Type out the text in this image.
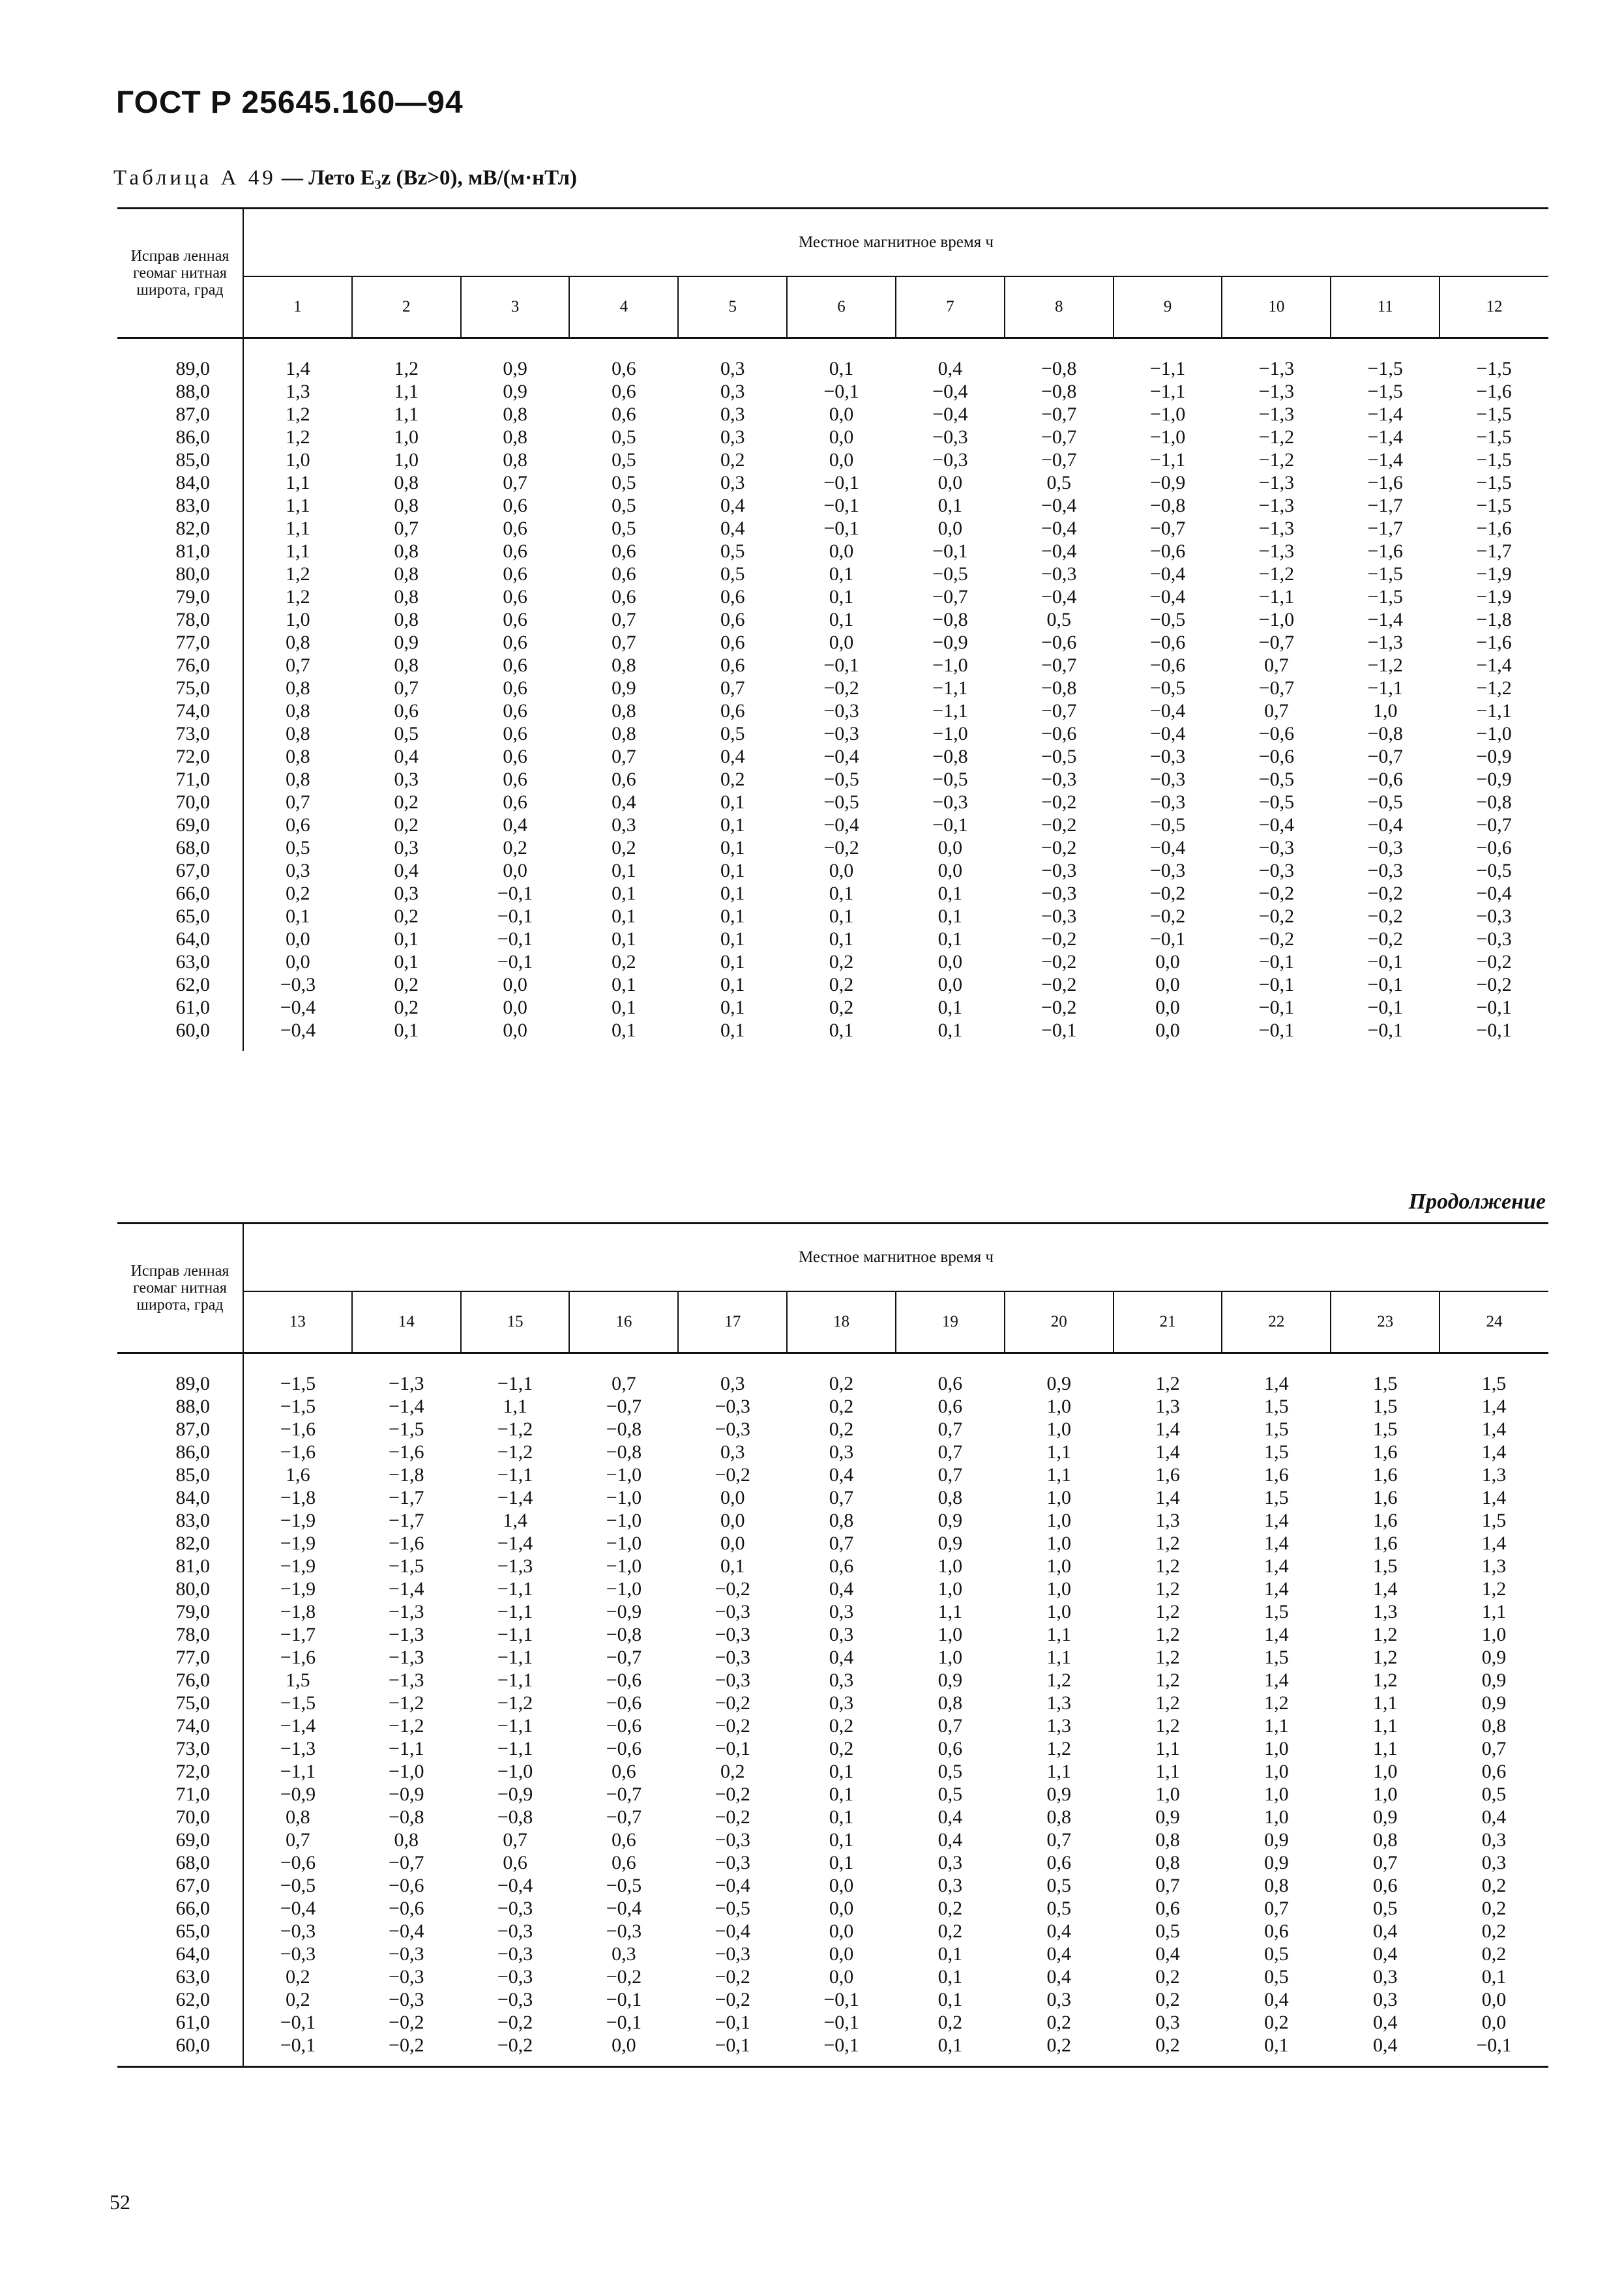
ГОСТ Р 25645.160—94
Таблица А 49 — Лето E₃ᴢ (Bᴢ>0), мВ/(м·нТл)
Исправ ленная геомаг нитная широта, град	Местное магнитное время ч											
	1	2	3	4	5	6	7	8	9	10	11	12
89,0	1,4	1,2	0,9	0,6	0,3	0,1	0,4	−0,8	−1,1	−1,3	−1,5	−1,5
88,0	1,3	1,1	0,9	0,6	0,3	−0,1	−0,4	−0,8	−1,1	−1,3	−1,5	−1,6
87,0	1,2	1,1	0,8	0,6	0,3	0,0	−0,4	−0,7	−1,0	−1,3	−1,4	−1,5
86,0	1,2	1,0	0,8	0,5	0,3	0,0	−0,3	−0,7	−1,0	−1,2	−1,4	−1,5
85,0	1,0	1,0	0,8	0,5	0,2	0,0	−0,3	−0,7	−1,1	−1,2	−1,4	−1,5
84,0	1,1	0,8	0,7	0,5	0,3	−0,1	0,0	0,5	−0,9	−1,3	−1,6	−1,5
83,0	1,1	0,8	0,6	0,5	0,4	−0,1	0,1	−0,4	−0,8	−1,3	−1,7	−1,5
82,0	1,1	0,7	0,6	0,5	0,4	−0,1	0,0	−0,4	−0,7	−1,3	−1,7	−1,6
81,0	1,1	0,8	0,6	0,6	0,5	0,0	−0,1	−0,4	−0,6	−1,3	−1,6	−1,7
80,0	1,2	0,8	0,6	0,6	0,5	0,1	−0,5	−0,3	−0,4	−1,2	−1,5	−1,9
79,0	1,2	0,8	0,6	0,6	0,6	0,1	−0,7	−0,4	−0,4	−1,1	−1,5	−1,9
78,0	1,0	0,8	0,6	0,7	0,6	0,1	−0,8	0,5	−0,5	−1,0	−1,4	−1,8
77,0	0,8	0,9	0,6	0,7	0,6	0,0	−0,9	−0,6	−0,6	−0,7	−1,3	−1,6
76,0	0,7	0,8	0,6	0,8	0,6	−0,1	−1,0	−0,7	−0,6	0,7	−1,2	−1,4
75,0	0,8	0,7	0,6	0,9	0,7	−0,2	−1,1	−0,8	−0,5	−0,7	−1,1	−1,2
74,0	0,8	0,6	0,6	0,8	0,6	−0,3	−1,1	−0,7	−0,4	0,7	1,0	−1,1
73,0	0,8	0,5	0,6	0,8	0,5	−0,3	−1,0	−0,6	−0,4	−0,6	−0,8	−1,0
72,0	0,8	0,4	0,6	0,7	0,4	−0,4	−0,8	−0,5	−0,3	−0,6	−0,7	−0,9
71,0	0,8	0,3	0,6	0,6	0,2	−0,5	−0,5	−0,3	−0,3	−0,5	−0,6	−0,9
70,0	0,7	0,2	0,6	0,4	0,1	−0,5	−0,3	−0,2	−0,3	−0,5	−0,5	−0,8
69,0	0,6	0,2	0,4	0,3	0,1	−0,4	−0,1	−0,2	−0,5	−0,4	−0,4	−0,7
68,0	0,5	0,3	0,2	0,2	0,1	−0,2	0,0	−0,2	−0,4	−0,3	−0,3	−0,6
67,0	0,3	0,4	0,0	0,1	0,1	0,0	0,0	−0,3	−0,3	−0,3	−0,3	−0,5
66,0	0,2	0,3	−0,1	0,1	0,1	0,1	0,1	−0,3	−0,2	−0,2	−0,2	−0,4
65,0	0,1	0,2	−0,1	0,1	0,1	0,1	0,1	−0,3	−0,2	−0,2	−0,2	−0,3
64,0	0,0	0,1	−0,1	0,1	0,1	0,1	0,1	−0,2	−0,1	−0,2	−0,2	−0,3
63,0	0,0	0,1	−0,1	0,2	0,1	0,2	0,0	−0,2	0,0	−0,1	−0,1	−0,2
62,0	−0,3	0,2	0,0	0,1	0,1	0,2	0,0	−0,2	0,0	−0,1	−0,1	−0,2
61,0	−0,4	0,2	0,0	0,1	0,1	0,2	0,1	−0,2	0,0	−0,1	−0,1	−0,1
60,0	−0,4	0,1	0,0	0,1	0,1	0,1	0,1	−0,1	0,0	−0,1	−0,1	−0,1
Продолжение
Исправ ленная геомаг нитная широта, град	Местное магнитное время ч											
	13	14	15	16	17	18	19	20	21	22	23	24
89,0	−1,5	−1,3	−1,1	0,7	0,3	0,2	0,6	0,9	1,2	1,4	1,5	1,5
88,0	−1,5	−1,4	1,1	−0,7	−0,3	0,2	0,6	1,0	1,3	1,5	1,5	1,4
87,0	−1,6	−1,5	−1,2	−0,8	−0,3	0,2	0,7	1,0	1,4	1,5	1,5	1,4
86,0	−1,6	−1,6	−1,2	−0,8	0,3	0,3	0,7	1,1	1,4	1,5	1,6	1,4
85,0	1,6	−1,8	−1,1	−1,0	−0,2	0,4	0,7	1,1	1,6	1,6	1,6	1,3
84,0	−1,8	−1,7	−1,4	−1,0	0,0	0,7	0,8	1,0	1,4	1,5	1,6	1,4
83,0	−1,9	−1,7	1,4	−1,0	0,0	0,8	0,9	1,0	1,3	1,4	1,6	1,5
82,0	−1,9	−1,6	−1,4	−1,0	0,0	0,7	0,9	1,0	1,2	1,4	1,6	1,4
81,0	−1,9	−1,5	−1,3	−1,0	0,1	0,6	1,0	1,0	1,2	1,4	1,5	1,3
80,0	−1,9	−1,4	−1,1	−1,0	−0,2	0,4	1,0	1,0	1,2	1,4	1,4	1,2
79,0	−1,8	−1,3	−1,1	−0,9	−0,3	0,3	1,1	1,0	1,2	1,5	1,3	1,1
78,0	−1,7	−1,3	−1,1	−0,8	−0,3	0,3	1,0	1,1	1,2	1,4	1,2	1,0
77,0	−1,6	−1,3	−1,1	−0,7	−0,3	0,4	1,0	1,1	1,2	1,5	1,2	0,9
76,0	1,5	−1,3	−1,1	−0,6	−0,3	0,3	0,9	1,2	1,2	1,4	1,2	0,9
75,0	−1,5	−1,2	−1,2	−0,6	−0,2	0,3	0,8	1,3	1,2	1,2	1,1	0,9
74,0	−1,4	−1,2	−1,1	−0,6	−0,2	0,2	0,7	1,3	1,2	1,1	1,1	0,8
73,0	−1,3	−1,1	−1,1	−0,6	−0,1	0,2	0,6	1,2	1,1	1,0	1,1	0,7
72,0	−1,1	−1,0	−1,0	0,6	0,2	0,1	0,5	1,1	1,1	1,0	1,0	0,6
71,0	−0,9	−0,9	−0,9	−0,7	−0,2	0,1	0,5	0,9	1,0	1,0	1,0	0,5
70,0	0,8	−0,8	−0,8	−0,7	−0,2	0,1	0,4	0,8	0,9	1,0	0,9	0,4
69,0	0,7	0,8	0,7	0,6	−0,3	0,1	0,4	0,7	0,8	0,9	0,8	0,3
68,0	−0,6	−0,7	0,6	0,6	−0,3	0,1	0,3	0,6	0,8	0,9	0,7	0,3
67,0	−0,5	−0,6	−0,4	−0,5	−0,4	0,0	0,3	0,5	0,7	0,8	0,6	0,2
66,0	−0,4	−0,6	−0,3	−0,4	−0,5	0,0	0,2	0,5	0,6	0,7	0,5	0,2
65,0	−0,3	−0,4	−0,3	−0,3	−0,4	0,0	0,2	0,4	0,5	0,6	0,4	0,2
64,0	−0,3	−0,3	−0,3	0,3	−0,3	0,0	0,1	0,4	0,4	0,5	0,4	0,2
63,0	0,2	−0,3	−0,3	−0,2	−0,2	0,0	0,1	0,4	0,2	0,5	0,3	0,1
62,0	0,2	−0,3	−0,3	−0,1	−0,2	−0,1	0,1	0,3	0,2	0,4	0,3	0,0
61,0	−0,1	−0,2	−0,2	−0,1	−0,1	−0,1	0,2	0,2	0,3	0,2	0,4	0,0
60,0	−0,1	−0,2	−0,2	0,0	−0,1	−0,1	0,1	0,2	0,2	0,1	0,4	−0,1
52
